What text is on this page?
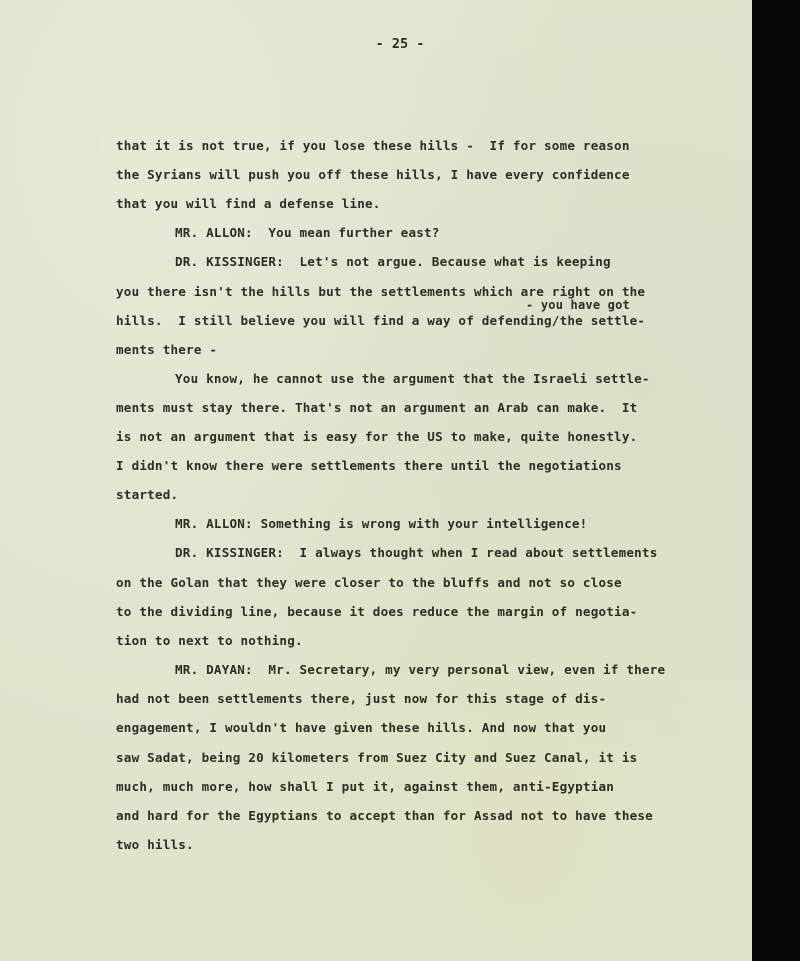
- 25 -
that it is not true, if you lose these hills -  If for some reason
the Syrians will push you off these hills, I have every confidence
that you will find a defense line.
MR. ALLON:  You mean further east?
DR. KISSINGER:  Let's not argue. Because what is keeping
you there isn't the hills but the settlements which are right on the
- you have got
hills.  I still believe you will find a way of defending/the settle-
ments there -
You know, he cannot use the argument that the Israeli settle-
ments must stay there. That's not an argument an Arab can make.  It
is not an argument that is easy for the US to make, quite honestly.
I didn't know there were settlements there until the negotiations
started.
MR. ALLON: Something is wrong with your intelligence!
DR. KISSINGER:  I always thought when I read about settlements
on the Golan that they were closer to the bluffs and not so close
to the dividing line, because it does reduce the margin of negotia-
tion to next to nothing.
MR. DAYAN:  Mr. Secretary, my very personal view, even if there
had not been settlements there, just now for this stage of dis-
engagement, I wouldn't have given these hills. And now that you
saw Sadat, being 20 kilometers from Suez City and Suez Canal, it is
much, much more, how shall I put it, against them, anti-Egyptian
and hard for the Egyptians to accept than for Assad not to have these
two hills.
